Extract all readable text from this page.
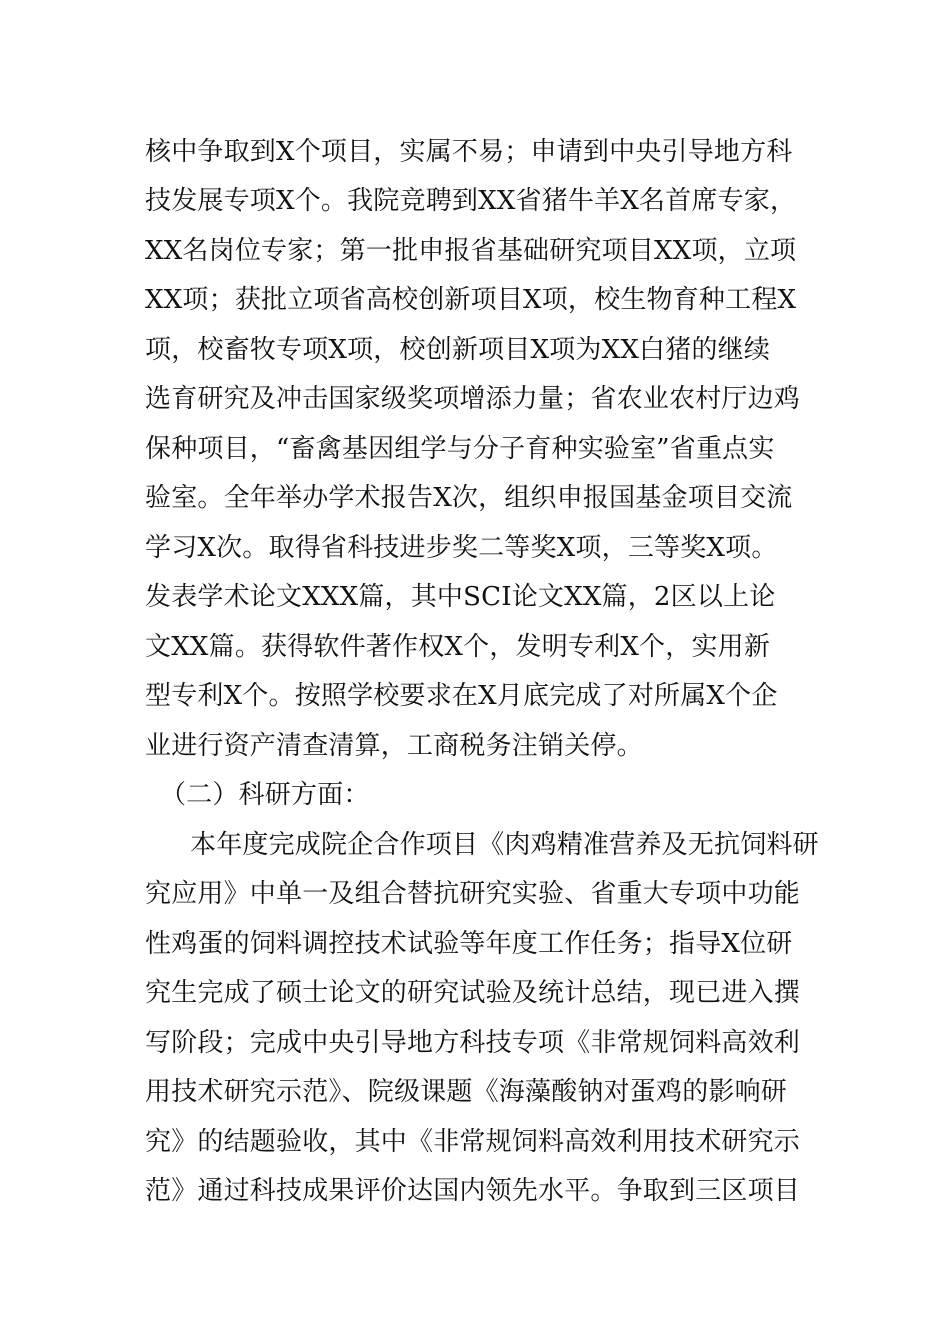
核中争取到X个项目，实属不易；申请到中央引导地方科
技发展专项X个。我院竞聘到XX省猪牛羊X名首席专家，
XX名岗位专家；第一批申报省基础研究项目XX项，立项
XX项；获批立项省高校创新项目X项，校生物育种工程X
项，校畜牧专项X项，校创新项目X项为XX白猪的继续
选育研究及冲击国家级奖项增添力量；省农业农村厅边鸡
保种项目，“畜禽基因组学与分子育种实验室”省重点实
验室。全年举办学术报告X次，组织申报国基金项目交流
学习X次。取得省科技进步奖二等奖X项，三等奖X项。
发表学术论文XXX篇，其中SCI论文XX篇，2区以上论
文XX篇。获得软件著作权X个，发明专利X个，实用新
型专利X个。按照学校要求在X月底完成了对所属X个企
业进行资产清查清算，工商税务注销关停。
（二）科研方面：
本年度完成院企合作项目《肉鸡精准营养及无抗饲料研
究应用》中单一及组合替抗研究实验、省重大专项中功能
性鸡蛋的饲料调控技术试验等年度工作任务；指导X位研
究生完成了硕士论文的研究试验及统计总结，现已进入撰
写阶段；完成中央引导地方科技专项《非常规饲料高效利
用技术研究示范》、院级课题《海藻酸钠对蛋鸡的影响研
究》的结题验收，其中《非常规饲料高效利用技术研究示
范》通过科技成果评价达国内领先水平。争取到三区项目
